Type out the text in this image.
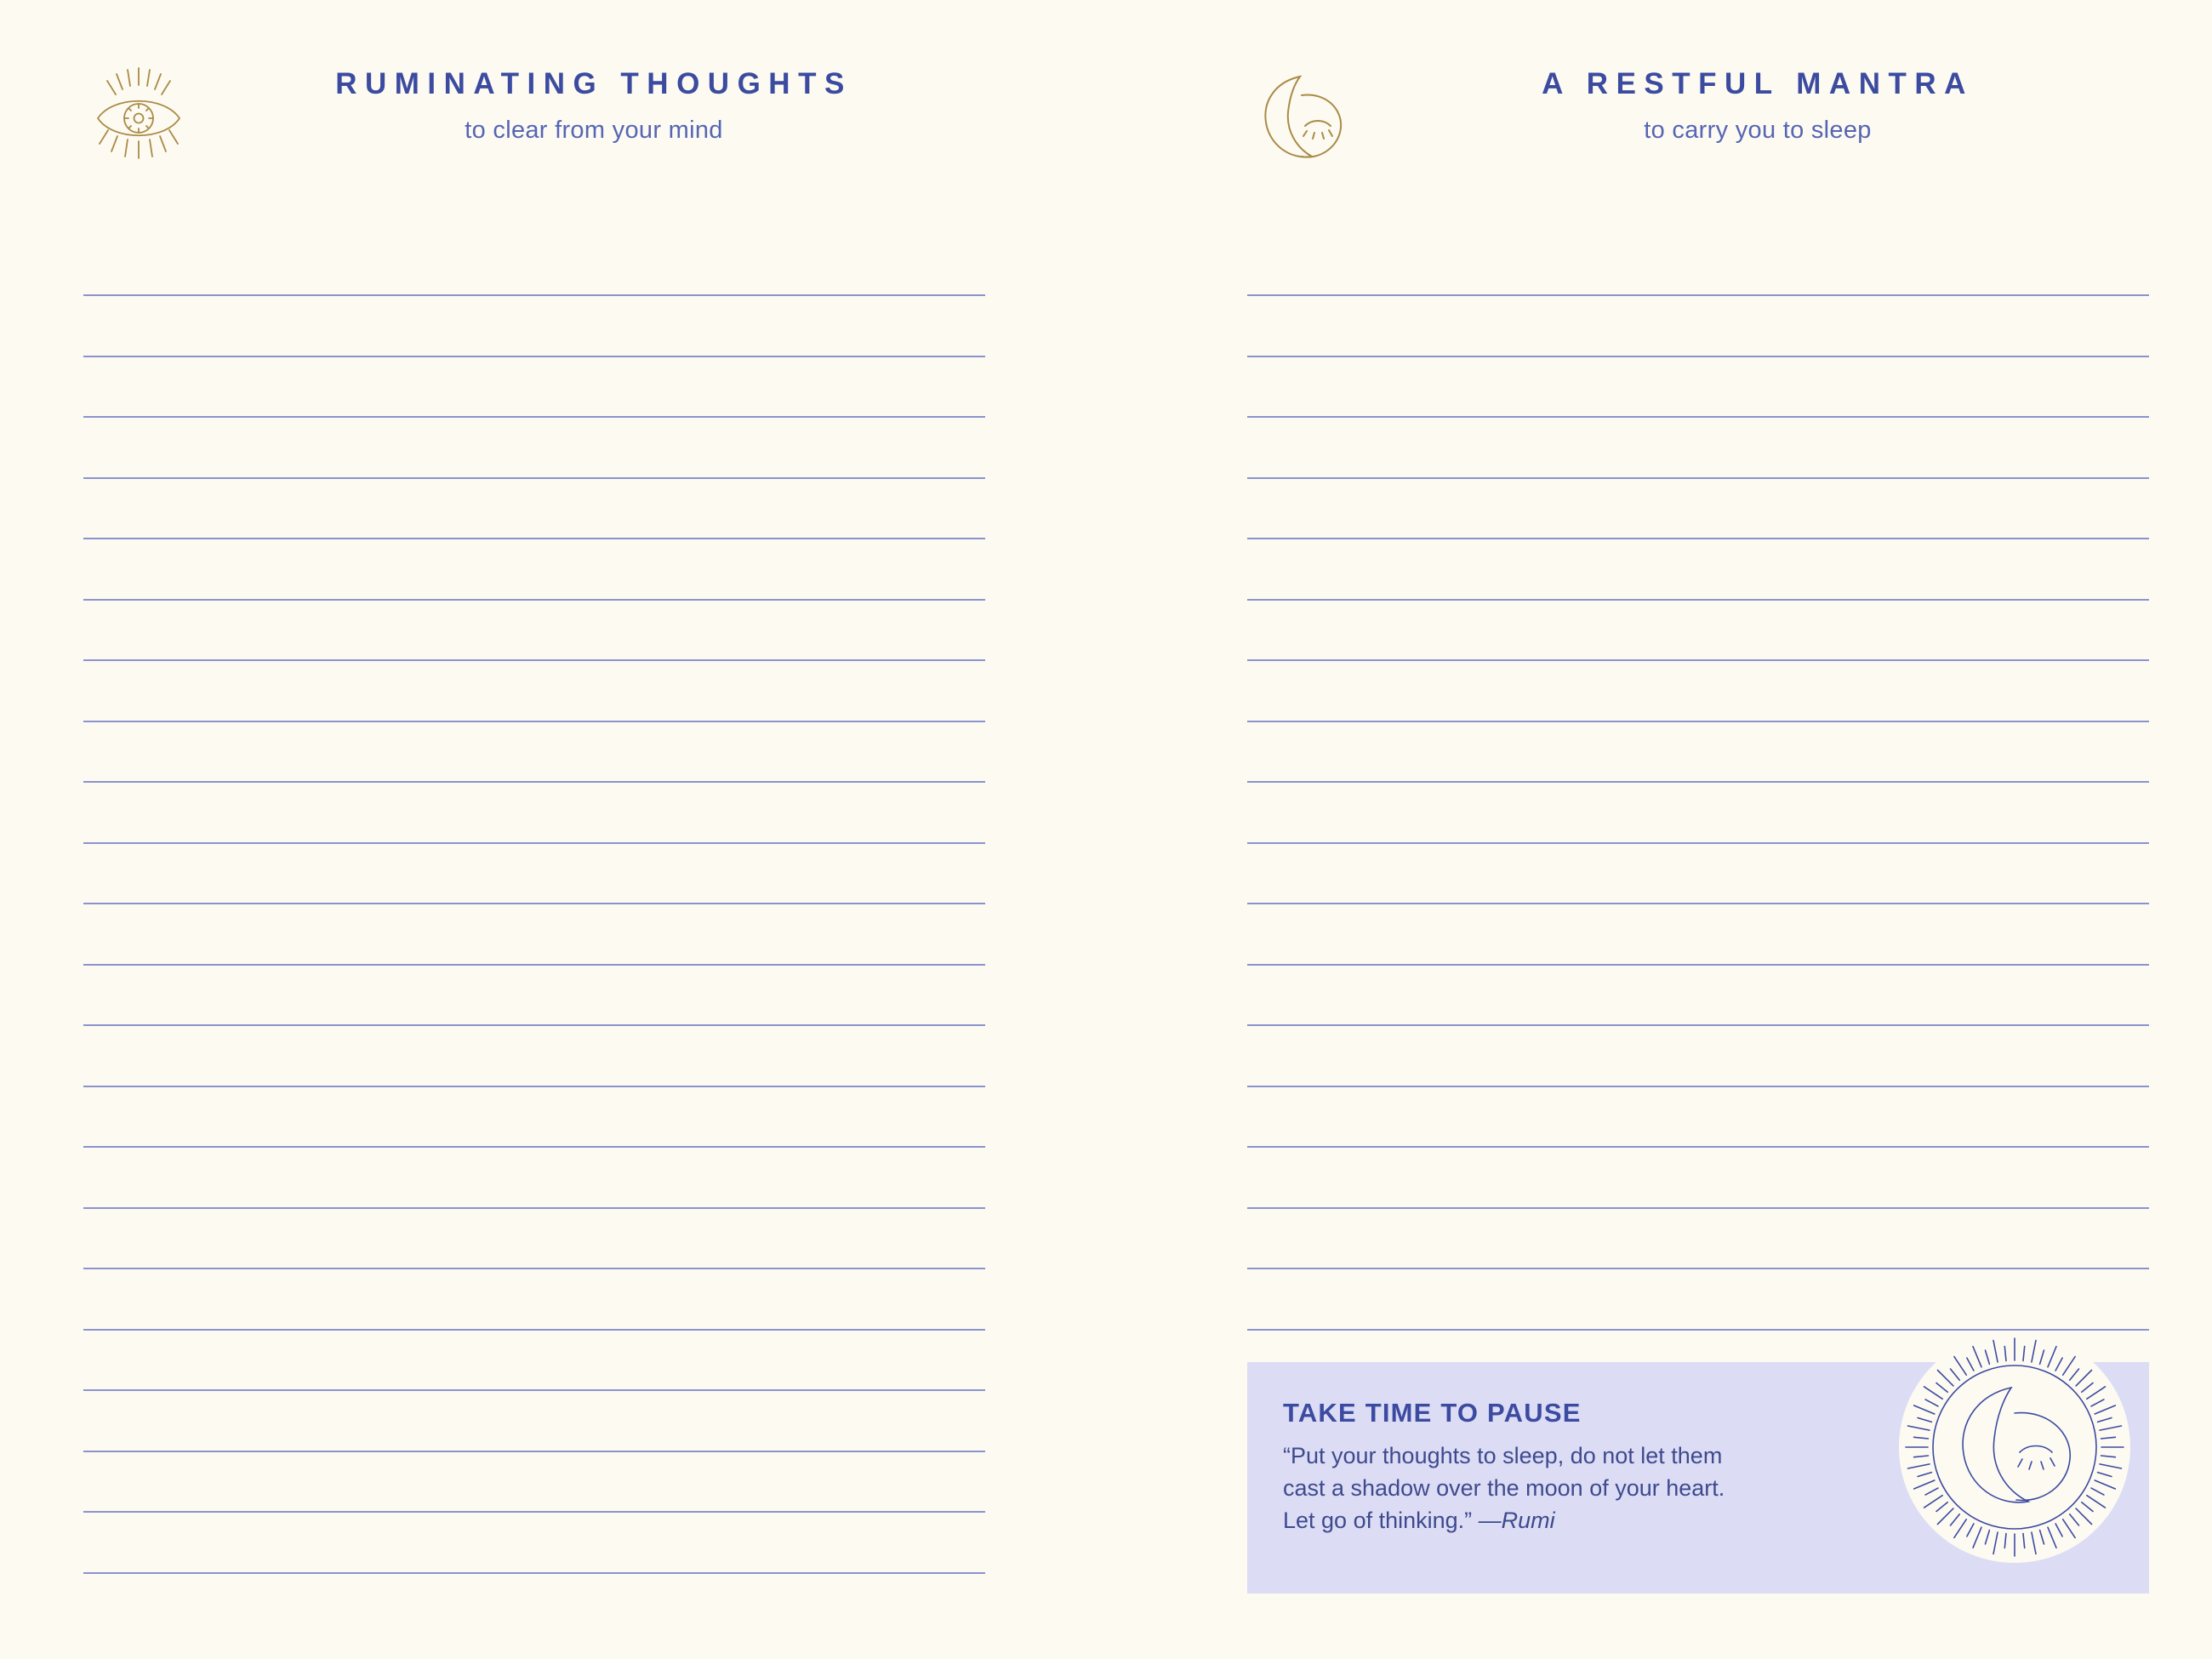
RUMINATING THOUGHTS

to clear from your mind

A RESTFUL MANTRA

to carry you to sleep

TAKE TIME TO PAUSE

“Put your thoughts to sleep, do not let them

cast a shadow over the moon of your heart.

Let go of thinking.” —Rumi
